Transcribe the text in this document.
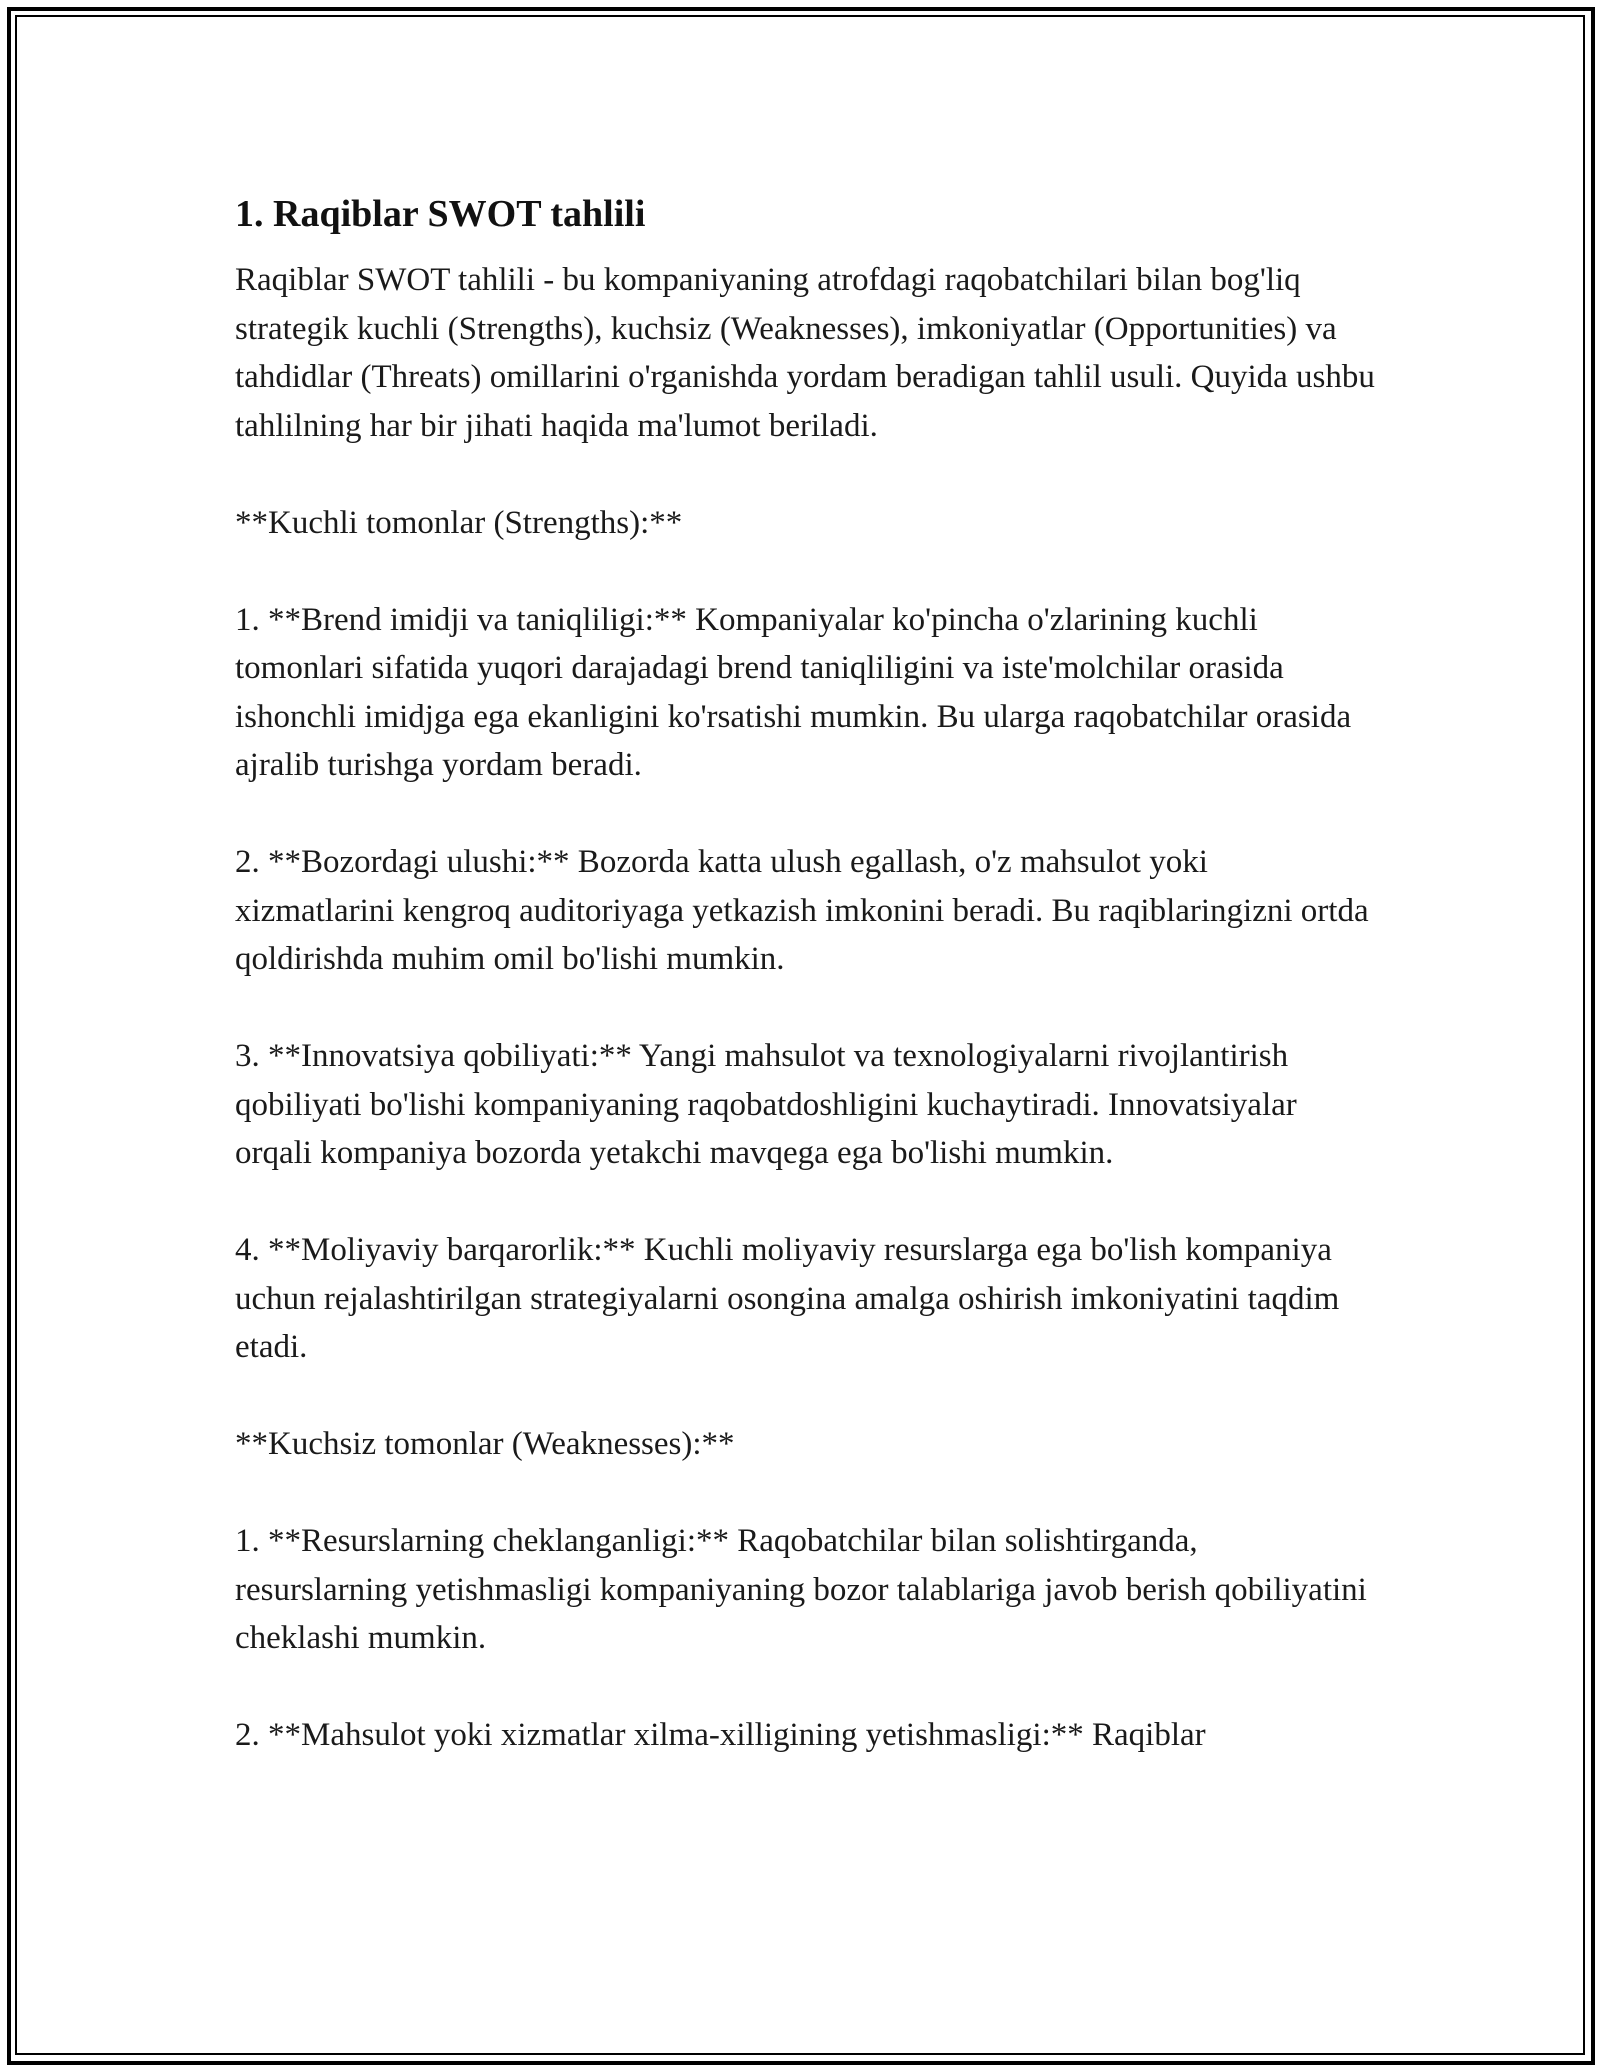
1. Raqiblar SWOT tahlili

Raqiblar SWOT tahlili - bu kompaniyaning atrofdagi raqobatchilari bilan bog'liq strategik kuchli (Strengths), kuchsiz (Weaknesses), imkoniyatlar (Opportunities) va tahdidlar (Threats) omillarini o'rganishda yordam beradigan tahlil usuli. Quyida ushbu tahlilning har bir jihati haqida ma'lumot beriladi.

**Kuchli tomonlar (Strengths):**

1. **Brend imidji va taniqliligi:** Kompaniyalar ko'pincha o'zlarining kuchli tomonlari sifatida yuqori darajadagi brend taniqliligini va iste'molchilar orasida ishonchli imidjga ega ekanligini ko'rsatishi mumkin. Bu ularga raqobatchilar orasida ajralib turishga yordam beradi.

2. **Bozordagi ulushi:** Bozorda katta ulush egallash, o'z mahsulot yoki xizmatlarini kengroq auditoriyaga yetkazish imkonini beradi. Bu raqiblaringizni ortda qoldirishda muhim omil bo'lishi mumkin.

3. **Innovatsiya qobiliyati:** Yangi mahsulot va texnologiyalarni rivojlantirish qobiliyati bo'lishi kompaniyaning raqobatdoshligini kuchaytiradi. Innovatsiyalar orqali kompaniya bozorda yetakchi mavqega ega bo'lishi mumkin.

4. **Moliyaviy barqarorlik:** Kuchli moliyaviy resurslarga ega bo'lish kompaniya uchun rejalashtirilgan strategiyalarni osongina amalga oshirish imkoniyatini taqdim etadi.

**Kuchsiz tomonlar (Weaknesses):**

1. **Resurslarning cheklanganligi:** Raqobatchilar bilan solishtirganda, resurslarning yetishmasligi kompaniyaning bozor talablariga javob berish qobiliyatini cheklashi mumkin.

2. **Mahsulot yoki xizmatlar xilma-xilligining yetishmasligi:** Raqiblar
